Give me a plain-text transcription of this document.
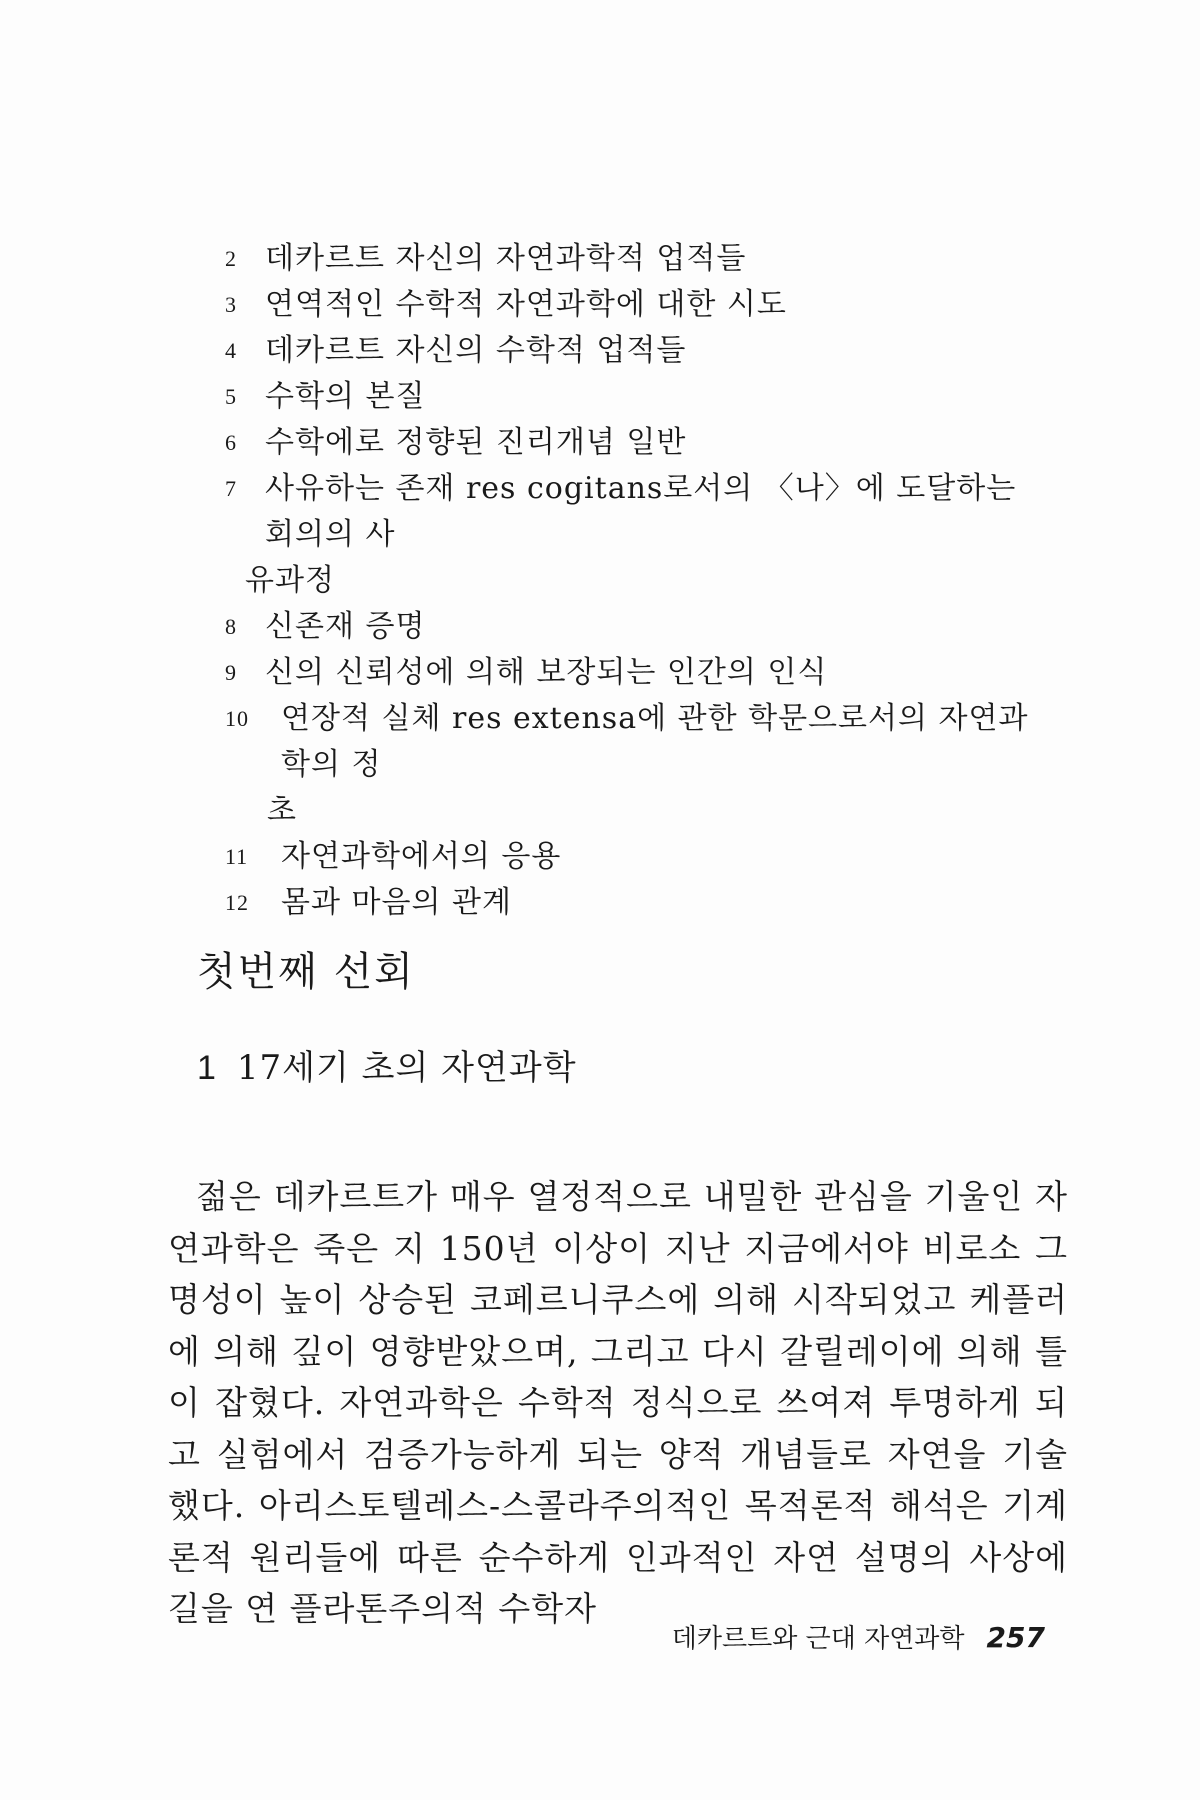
2 데카르트 자신의 자연과학적 업적들
3 연역적인 수학적 자연과학에 대한 시도
4 데카르트 자신의 수학적 업적들
5 수학의 본질
6 수학에로 정향된 진리개념 일반
7 사유하는 존재 res cogitans로서의 〈나〉에 도달하는 회의의 사
유과정
8 신존재 증명
9 신의 신뢰성에 의해 보장되는 인간의 인식
10 연장적 실체 res extensa에 관한 학문으로서의 자연과학의 정
초
11 자연과학에서의 응용
12 몸과 마음의 관계
첫번째 선회
1 17세기 초의 자연과학

젊은 데카르트가 매우 열정적으로 내밀한 관심을 기울인 자연과학은 죽은 지 150년 이상이 지난 지금에서야 비로소 그 명성이 높이 상승된 코페르니쿠스에 의해 시작되었고 케플러에 의해 깊이 영향받았으며, 그리고 다시 갈릴레이에 의해 틀이 잡혔다. 자연과학은 수학적 정식으로 쓰여져 투명하게 되고 실험에서 검증가능하게 되는 양적 개념들로 자연을 기술했다. 아리스토텔레스-스콜라주의적인 목적론적 해석은 기계론적 원리들에 따른 순수하게 인과적인 자연 설명의 사상에 길을 연 플라톤주의적 수학자

데카르트와 근대 자연과학 257
